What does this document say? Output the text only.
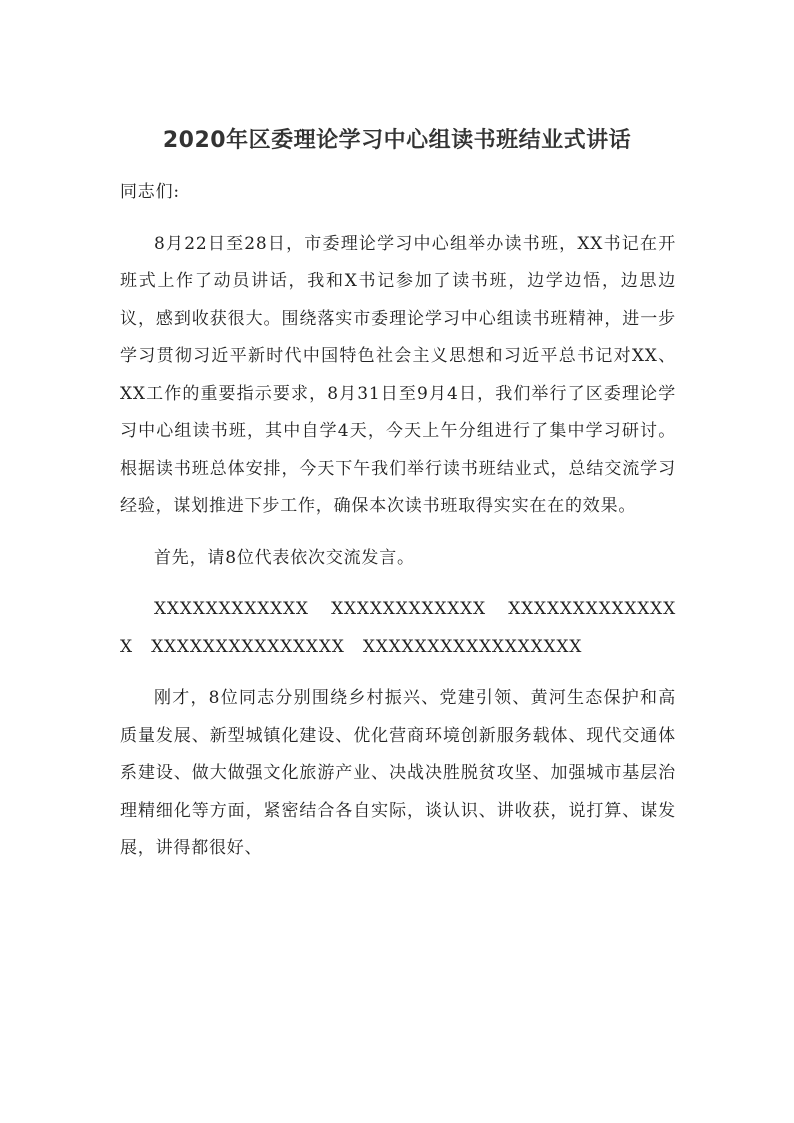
2020年区委理论学习中心组读书班结业式讲话

同志们:

8月22日至28日，市委理论学习中心组举办读书班，XX书记在开班式上作了动员讲话，我和X书记参加了读书班，边学边悟，边思边议，感到收获很大。围绕落实市委理论学习中心组读书班精神，进一步学习贯彻习近平新时代中国特色社会主义思想和习近平总书记对XX、XX工作的重要指示要求，8月31日至9月4日，我们举行了区委理论学习中心组读书班，其中自学4天，今天上午分组进行了集中学习研讨。根据读书班总体安排，今天下午我们举行读书班结业式，总结交流学习经验，谋划推进下步工作，确保本次读书班取得实实在在的效果。

首先，请8位代表依次交流发言。

XXXXXXXXXXXX XXXXXXXXXXXX XXXXXXXXXXXXXX XXXXXXXXXXXXXXX XXXXXXXXXXXXXXXXX

刚才，8位同志分别围绕乡村振兴、党建引领、黄河生态保护和高质量发展、新型城镇化建设、优化营商环境创新服务载体、现代交通体系建设、做大做强文化旅游产业、决战决胜脱贫攻坚、加强城市基层治理精细化等方面，紧密结合各自实际，谈认识、讲收获，说打算、谋发展，讲得都很好、
